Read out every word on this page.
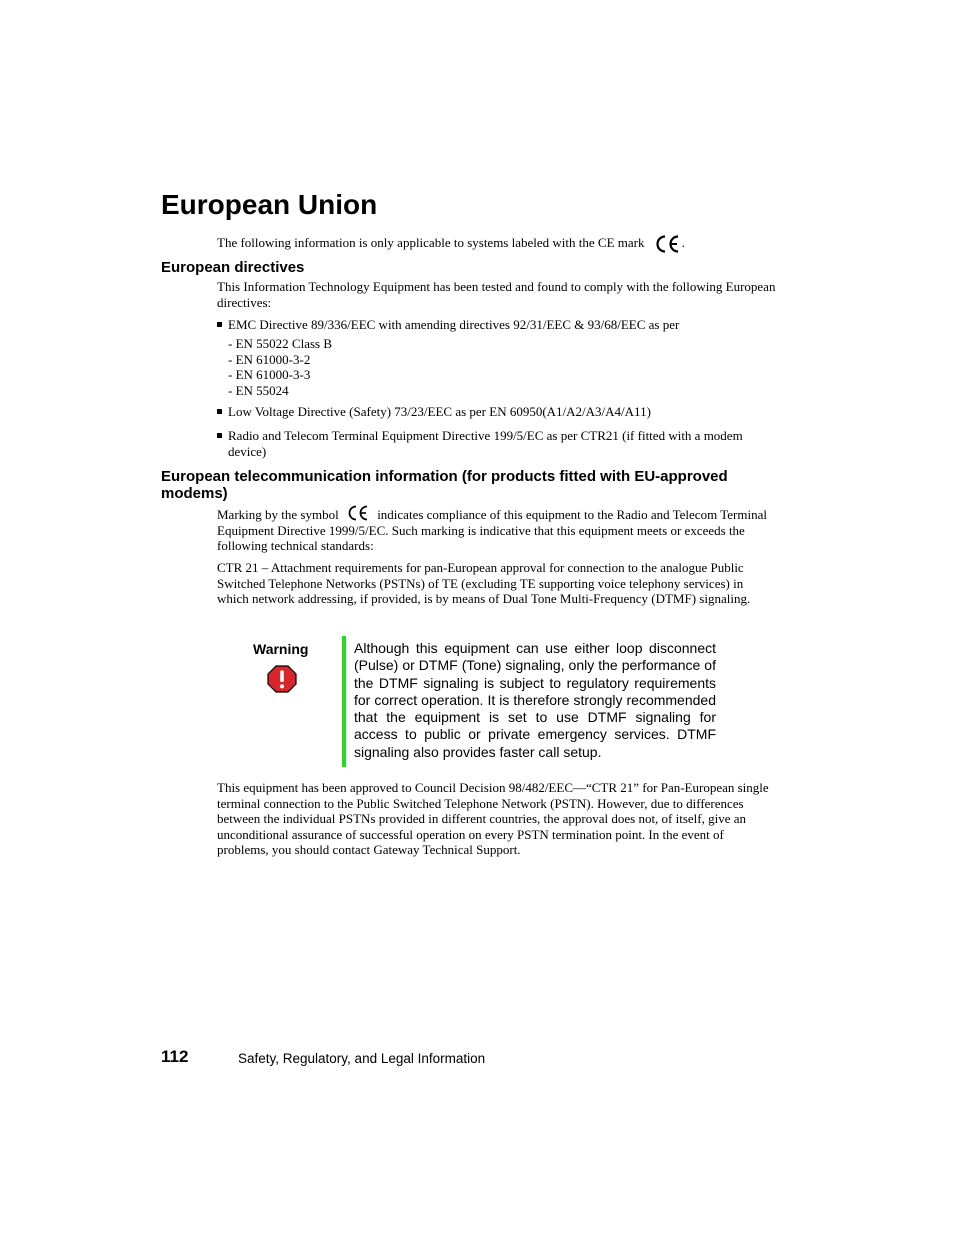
European Union

The following information is only applicable to systems labeled with the CE mark	.

European directives

This Information Technology Equipment has been tested and found to comply with the following European directives:

EMC Directive 89/336/EEC with amending directives 92/31/EEC & 93/68/EEC as per
- EN 55022 Class B
- EN 61000-3-2
- EN 61000-3-3
- EN 55024
Low Voltage Directive (Safety) 73/23/EEC as per EN 60950(A1/A2/A3/A4/A11)
Radio and Telecom Terminal Equipment Directive 199/5/EC as per CTR21 (if fitted with a modem device)
European telecommunication information (for products fitted with EU-approved modems)

Marking by the symbol	indicates compliance of this equipment to the Radio and Telecom Terminal Equipment Directive 1999/5/EC. Such marking is indicative that this equipment meets or exceeds the following technical standards:

CTR 21 – Attachment requirements for pan-European approval for connection to the analogue Public Switched Telephone Networks (PSTNs) of TE (excluding TE supporting voice telephony services) in which network addressing, if provided, is by means of Dual Tone Multi-Frequency (DTMF) signaling.

Warning	Although this equipment can use either loop disconnect (Pulse) or DTMF (Tone) signaling, only the performance of the DTMF signaling is subject to regulatory requirements for correct operation. It is therefore strongly recommended that the equipment is set to use DTMF signaling for access to public or private emergency services. DTMF signaling also provides faster call setup.

This equipment has been approved to Council Decision 98/482/EEC—“CTR 21” for Pan-European single terminal connection to the Public Switched Telephone Network (PSTN). However, due to differences between the individual PSTNs provided in different countries, the approval does not, of itself, give an unconditional assurance of successful operation on every PSTN termination point. In the event of problems, you should contact Gateway Technical Support.

112	Safety, Regulatory, and Legal Information
